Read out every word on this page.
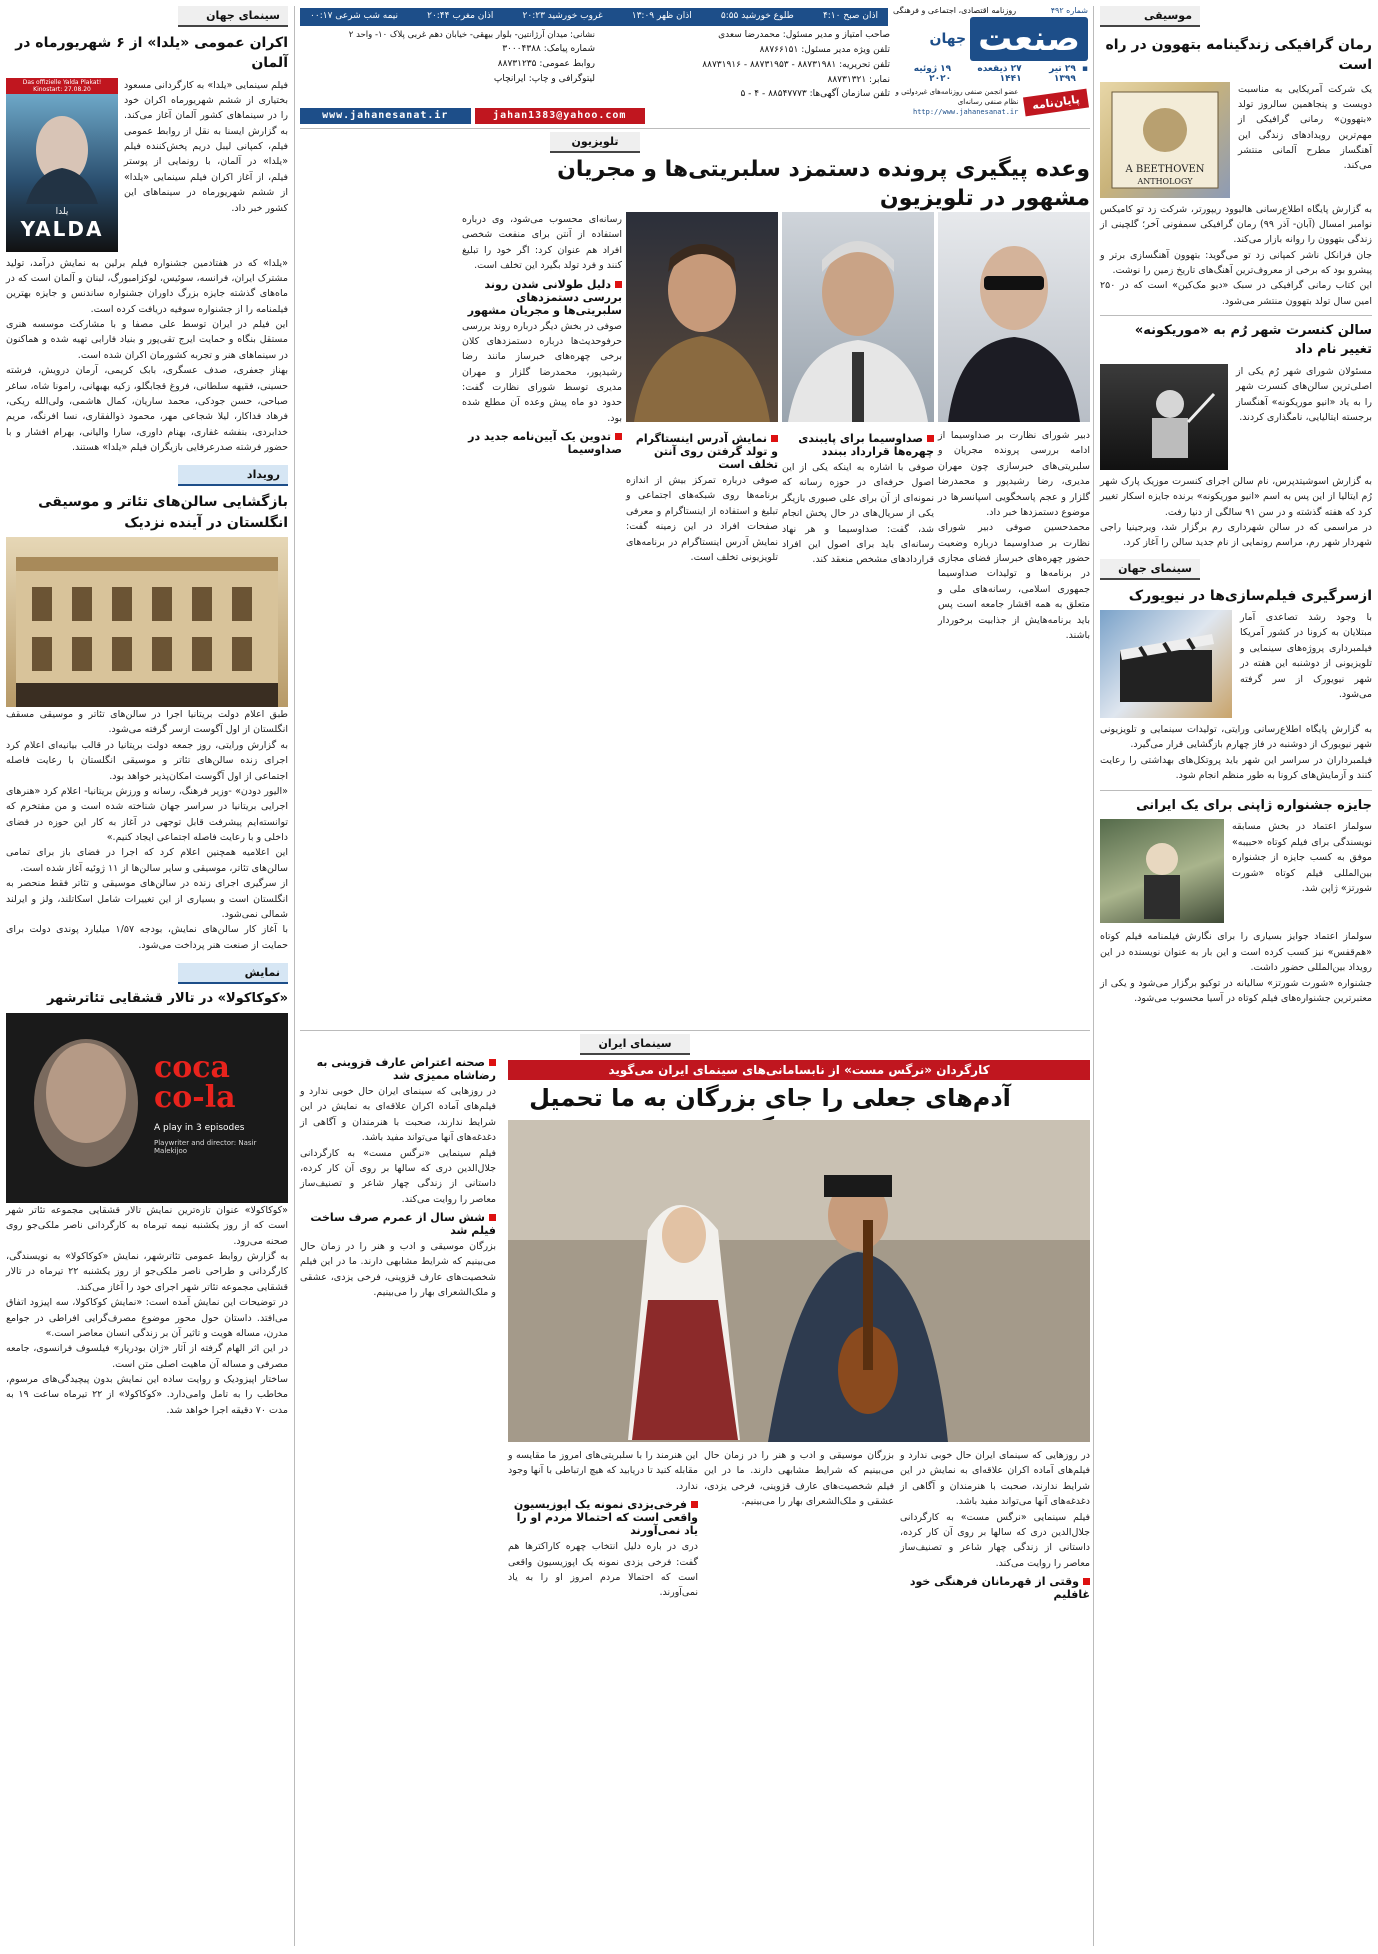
موسیقی
رمان گرافیکی زندگینامه بتهوون در راه است
A BEETHOVEN
ANTHOLOGY

یک شرکت آمریکایی به مناسبت دویست و پنجاهمین سالروز تولد «بتهوون» رمانی گرافیکی از مهم‌ترین رویدادهای زندگی این آهنگساز مطرح آلمانی منتشر می‌کند.

به گزارش پایگاه اطلاع‌رسانی هالیوود ریپورتر، شرکت زد تو کامیکس نوامبر امسال (آبان‌- آذر ۹۹) رمان گرافیکی سمفونی آخر؛ گلچینی از زندگی بتهوون را روانه بازار می‌کند.

جان فرانکل ناشر کمپانی زد تو می‌گوید: بتهوون آهنگسازی برتر و پیشرو بود که برخی از معروف‌ترین آهنگ‌های تاریخ زمین را نوشت.

این کتاب رمانی گرافیکی در سبک «دیو ‌مک‌کین» است که در ۲۵۰ امین سال تولد بتهوون منتشر می‌شود.

سالن کنسرت شهر رُم به «موریکونه» تغییر نام داد

مسئولان شورای شهر رُم یکی از اصلی‌ترین سالن‌های کنسرت شهر را به یاد «انیو موریکونه» آهنگساز برجسته ایتالیایی، نامگذاری کردند.

به گزارش اسوشیتدپرس، نام سالن اجرای کنسرت موزیک پارک شهر رُم ایتالیا از این پس به اسم «انیو موریکونه» برنده جایزه اسکار تغییر کرد که هفته گذشته و در سن ۹۱ سالگی از دنیا رفت.

در مراسمی که در سالن شهرداری رم برگزار شد، ویرجینیا راجی شهردار شهر رم، مراسم رونمایی از نام جدید سالن را آغاز کرد.

سینمای جهان
ازسرگیری فیلم‌سازی‌ها در نیویورک

با وجود رشد تصاعدی آمار مبتلایان به کرونا در کشور آمریکا فیلمبرداری پروژه‌های سینمایی و تلویزیونی از دوشنبه این هفته در شهر نیویورک از سر گرفته می‌شود.

به گزارش پایگاه اطلاع‌رسانی ورایتی، تولیدات سینمایی و تلویزیونی شهر نیویورک از دوشنبه در فاز چهارم بازگشایی قرار می‌گیرد.

فیلمبرداران در سراسر این شهر باید پروتکل‌های بهداشتی را رعایت کنند و آزمایش‌های کرونا به طور منظم انجام شود.

جایزه جشنواره ژاپنی برای یک ایرانی

سولماز اعتماد در بخش مسابقه نویسندگی برای فیلم کوتاه «حبیبه» موفق به کسب جایزه از جشنواره بین‌المللی فیلم کوتاه «شورت شورتز» ژاپن شد.

سولماز اعتماد جوایز بسیاری را برای نگارش فیلمنامه فیلم کوتاه «هم‌قفس» نیز کسب کرده است و این بار به عنوان نویسنده در این رویداد بین‌المللی حضور داشت.

جشنواره «شورت شورتز» سالیانه در توکیو برگزار می‌شود و یکی از معتبرترین جشنواره‌های فیلم کوتاه در آسیا محسوب می‌شود.

شماره ۴۹۲
روزنامه اقتصادی، اجتماعی و فرهنگی
صنعت
جهان
▪
۲۹ تیر ۱۳۹۹
۲۷ ذیقعده ۱۴۴۱
۱۹ ژوئیه ۲۰۲۰
پایان‌نامه
عضو انجمن صنفی روزنامه‌های غیردولتی و نظام صنفی رسانه‌ای
http://www.jahanesanat.ir
صاحب امتیاز و مدیر مسئول: محمدرضا سعدی
تلفن ویژه مدیر مسئول: ۸۸۷۶۶۱۵۱
تلفن تحریریه: ۸۸۷۳۱۹۸۱ - ۸۸۷۳۱۹۵۳ - ۸۸۷۳۱۹۱۶
نمابر: ۸۸۷۳۱۳۲۱
تلفن سازمان آگهی‌ها: ۸۸۵۴۷۷۷۳ - ۴ - ۵
نشانی: میدان آرژانتین- بلوار بیهقی- خیابان دهم غربی پلاک ۱۰- واحد ۲
شماره پیامک: ۳۰۰۰۴۳۸۸
روابط عمومی: ۸۸۷۳۱۲۳۵
لیتوگرافی و چاپ: ایرانچاپ
اذان صبح ۴:۱۰
طلوع خورشید ۵:۵۵
اذان ظهر ۱۳:۰۹
غروب خورشید ۲۰:۲۳
اذان مغرب ۲۰:۴۴
نیمه شب شرعی ۰۰:۱۷
www.jahanesanat.ir	jahan1383@yahoo.com
تلویزیون
وعده پیگیری پرونده دستمزد سلبریتی‌ها و مجریان مشهور در تلویزیون

دبیر شورای نظارت بر صداوسیما از ادامه بررسی پرونده مجریان و سلبریتی‌های خبرسازی چون مهران مدیری، رضا رشیدپور و محمدرضا گلزار و عجم پاسخگویی اسپانسرها در موضوع دستمزدها خبر داد.

محمدحسین صوفی دبیر شورای نظارت بر صداوسیما درباره وضعیت حضور چهره‌های خبرساز فضای مجازی در برنامه‌ها و تولیدات صداوسیما جمهوری اسلامی، رسانه‌های ملی و متعلق به همه اقشار جامعه است پس باید برنامه‌هایش از جذابیت برخوردار باشند.

صداوسیما برای پایبندی چهره‌ها قرارداد ببندد

صوفی با اشاره به اینکه یکی از این اصول حرفه‌ای در حوزه رسانه که نمونه‌ای از آن برای علی صبوری بازیگر یکی از سریال‌های در حال پخش انجام شد، گفت: صداوسیما و هر نهاد رسانه‌ای باید برای اصول این افراد قراردادهای مشخص منعقد کند.

نمایش آدرس اینستاگرام و تولد گرفتن روی آنتن تخلف است

صوفی درباره تمرکز بیش از اندازه برنامه‌ها روی شبکه‌های اجتماعی و تبلیغ و استفاده از اینستاگرام و معرفی صفحات افراد در این زمینه گفت: نمایش آدرس اینستاگرام در برنامه‌های تلویزیونی تخلف است.

رسانه‌ای محسوب می‌شود، وی درباره استفاده از آنتن برای منفعت شخصی افراد هم عنوان کرد: اگر خود را تبلیغ کنند و فرد تولد بگیرد این تخلف است.

دلیل طولانی شدن روند بررسی دستمزدهای سلبریتی‌ها و مجریان مشهور

صوفی در بخش دیگر درباره روند بررسی حرفوحدیث‌ها درباره دستمزدهای کلان برخی چهره‌های خبرساز مانند رضا رشیدپور، محمدرضا گلزار و مهران مدیری توسط شورای نظارت گفت: حدود دو ماه پیش وعده آن مطلع شده بود.

تدوین یک آیین‌نامه جدید در صداوسیما
سینمای ایران
کارگردان «نرگس مست» از نابسامانی‌های سینمای ایران می‌گوید
آدم‌های جعلی را جای بزرگان به ما تحمیل
صحنه اعتراض عارف قزوینی به رضاشاه ممیزی شد

در روزهایی که سینمای ایران حال خوبی ندارد و فیلم‌های آماده اکران علاقه‌ای به نمایش در این شرایط ندارند، صحبت با هنرمندان و آگاهی از دغدغه‌های آنها می‌تواند مفید باشد.

فیلم سینمایی «نرگس مست» به کارگردانی جلال‌الدین دری که سالها بر روی آن کار کرده، داستانی از زندگی چهار شاعر و تصنیف‌ساز معاصر را روایت می‌کند.

شش سال از عمرم صرف ساخت فیلم شد

بزرگان موسیقی و ادب و هنر را در زمان حال می‌بینیم که شرایط مشابهی دارند. ما در این فیلم شخصیت‌های عارف قزوینی، فرخی یزدی، عشقی و ملک‌الشعرای بهار را می‌بینیم.

در روزهایی که سینمای ایران حال خوبی ندارد و فیلم‌های آماده اکران علاقه‌ای به نمایش در این شرایط ندارند، صحبت با هنرمندان و آگاهی از دغدغه‌های آنها می‌تواند مفید باشد.

فیلم سینمایی «نرگس مست» به کارگردانی جلال‌الدین دری که سالها بر روی آن کار کرده، داستانی از زندگی چهار شاعر و تصنیف‌ساز معاصر را روایت می‌کند.

وقتی از قهرمانان فرهنگی خود غافلیم

بزرگان موسیقی و ادب و هنر را در زمان حال می‌بینیم که شرایط مشابهی دارند. ما در این فیلم شخصیت‌های عارف قزوینی، فرخی یزدی، عشقی و ملک‌الشعرای بهار را می‌بینیم.

این هنرمند را با سلبریتی‌های امروز ما مقایسه و مقابله کنید تا دریابید که هیچ ارتباطی با آنها وجود ندارد.

فرخی‌یزدی نمونه یک اپوزیسیون واقعی است که احتمالا مردم او را یاد نمی‌آورند

دری در باره دلیل انتخاب چهره کاراکترها هم گفت: فرخی یزدی نمونه یک اپوزیسیون واقعی است که احتمالا مردم امروز او را به یاد نمی‌آورند.

سینمای جهان
اکران عمومی «یلدا» از ۶ شهریورماه در آلمان
Das offizielle Yalda Plakat! Kinostart: 27.08.20
یلدا
YALDA

فیلم سینمایی «یلدا» به کارگردانی مسعود بختیاری از ششم شهریورماه اکران خود را در سینماهای کشور آلمان آغاز می‌کند. به گزارش ایسنا به نقل از روابط عمومی فیلم، کمپانی لیبل دریم پخش‌کننده فیلم «یلدا» در آلمان، با رونمایی از پوستر فیلم، از آغاز اکران فیلم سینمایی «یلدا» از ششم شهریورماه در سینماهای این کشور خبر داد.

«یلدا» که در هفتادمین جشنواره فیلم برلین به نمایش درآمد، تولید مشترک ایران، فرانسه، سوئیس، لوکزامبورگ، لبنان و آلمان است که در ماه‌های گذشته جایزه بزرگ داوران جشنواره ساندنس و جایزه بهترین فیلمنامه را از جشنواره سوفیه دریافت کرده است.

این فیلم در ایران توسط علی مصفا و با مشارکت موسسه هنری مستقل بنگاه و حمایت ایرج تقی‌پور و بنیاد فارابی تهیه شده و هماکنون در سینماهای هنر و تجربه کشورمان اکران شده است.

بهناز جعفری، صدف عسگری، بابک کریمی، آرمان درویش، فرشته حسینی، فقیهه سلطانی، فروغ قجابگلو، زکیه بهبهانی، رامونا شاه، ساغر صباحی، حسن جودکی، محمد ساریان، کمال هاشمی، ولی‌الله ریکی، فرهاد فداکار، لیلا شجاعی مهر، محمود ذوالفقاری، نسا افرنگه، مریم خدابردی، بنفشه غفاری، بهنام داوری، سارا والیانی، بهرام افشار و با حضور فرشته صدرعرفایی بازیگران فیلم «یلدا» هستند.

رویداد
بازگشایی سالن‌های تئاتر و موسیقی انگلستان در آینده نزدیک

طبق اعلام دولت بریتانیا اجرا در سالن‌های تئاتر و موسیقی مسقف انگلستان از اول آگوست ازسر گرفته می‌شود.

به گزارش ورایتی، روز جمعه دولت بریتانیا در قالب بیانیه‌ای اعلام کرد اجرای زنده سالن‌های تئاتر و موسیقی انگلستان با رعایت فاصله اجتماعی از اول آگوست امکان‌پذیر خواهد بود.

«الیور دودن» -وزیر فرهنگ، رسانه و ورزش بریتانیا- اعلام کرد «هنرهای اجرایی بریتانیا در سراسر جهان شناخته شده است و من مفتخرم که توانسته‌ایم پیشرفت قابل توجهی در آغاز به کار این حوزه در فضای داخلی و با رعایت فاصله اجتماعی ایجاد کنیم.»

این اعلامیه همچنین اعلام کرد که اجرا در فضای باز برای تمامی سالن‌های تئاتر، موسیقی و سایر سالن‌ها از ۱۱ ژوئیه آغاز شده است.

از سرگیری اجرای زنده در سالن‌های موسیقی و تئاتر فقط منحصر به انگلستان است و بسیاری از این تغییرات شامل اسکاتلند، ولز و ایرلند شمالی نمی‌شود.

با آغاز کار سالن‌های نمایش، بودجه ۱/۵۷ میلیارد پوندی دولت برای حمایت از صنعت هنر پرداخت می‌شود.

نمایش
«کوکاکولا» در تالار قشقایی تئاترشهر
coca co-la
A play in 3 episodes
Playwriter and director: Nasir Malekijoo

«کوکاکولا» عنوان تازه‌ترین نمایش تالار قشقایی مجموعه تئاتر شهر است که از روز یکشنبه نیمه تیرماه به کارگردانی ناصر ملکی‌جو روی صحنه می‌رود.

به گزارش روابط عمومی تئاترشهر، نمایش «کوکاکولا» به نویسندگی، کارگردانی و طراحی ناصر ملکی‌جو از روز یکشنبه ۲۲ تیرماه در تالار قشقایی مجموعه تئاتر شهر اجرای خود را آغاز می‌کند.

در توضیحات این نمایش آمده است: «نمایش کوکاکولا، سه اپیزود اتفاق می‌افتد. داستان حول محور موضوع مصرف‌گرایی افراطی در جوامع مدرن، مساله هویت و تاثیر آن بر زندگی انسان معاصر است.»

در این اثر الهام گرفته از آثار «ژان بودریار» فیلسوف فرانسوی، جامعه مصرفی و مساله آن ماهیت اصلی متن است.

ساختار اپیزودیک و روایت ساده این نمایش بدون پیچیدگی‌های مرسوم، مخاطب را به تامل وامی‌دارد. «کوکاکولا» از ۲۲ تیرماه ساعت ۱۹ به مدت ۷۰ دقیقه اجرا خواهد شد.
